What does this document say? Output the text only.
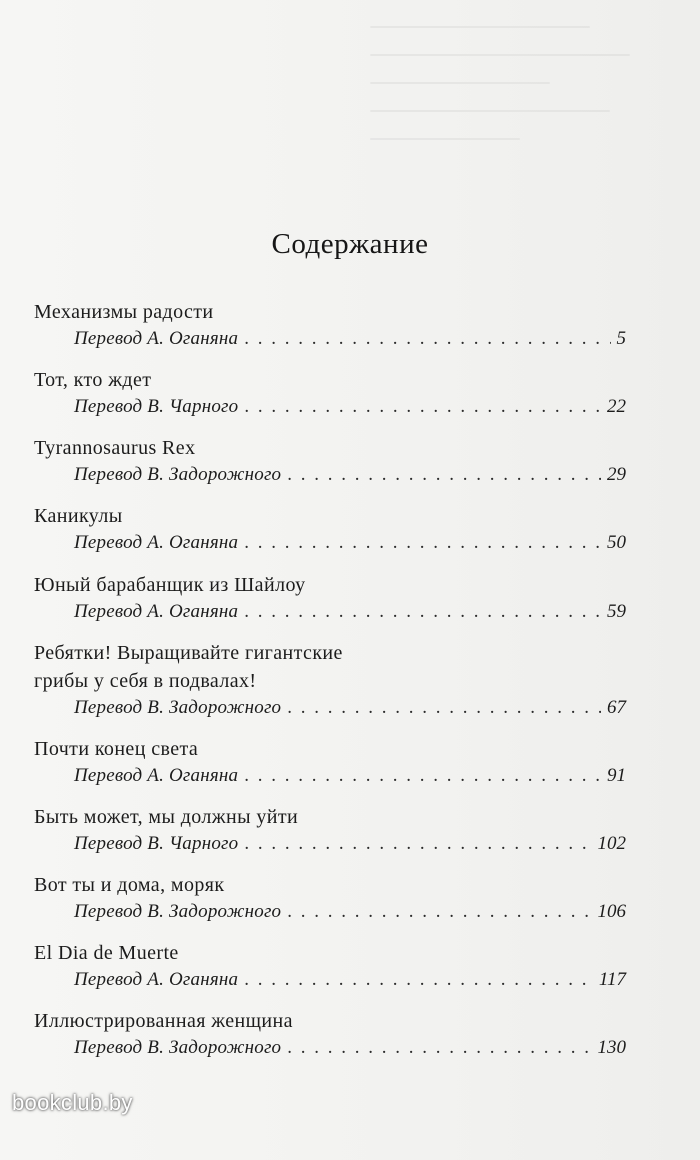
Содержание
Механизмы радости
Перевод А. Оганяна . . .	5
Тот, кто ждет
Перевод В. Чарного . . .	22
Tyrannosaurus Rex
Перевод В. Задорожного . . .	29
Каникулы
Перевод А. Оганяна . . .	50
Юный барабанщик из Шайлоу
Перевод А. Оганяна . . .	59
Ребятки! Выращивайте гигантские
грибы у себя в подвалах!
Перевод В. Задорожного . . .	67
Почти конец света
Перевод А. Оганяна . . .	91
Быть может, мы должны уйти
Перевод В. Чарного . . .	102
Вот ты и дома, моряк
Перевод В. Задорожного . . .	106
El Dia de Muerte
Перевод А. Оганяна . . .	117
Иллюстрированная женщина
Перевод В. Задорожного . . .	130
bookclub.by
